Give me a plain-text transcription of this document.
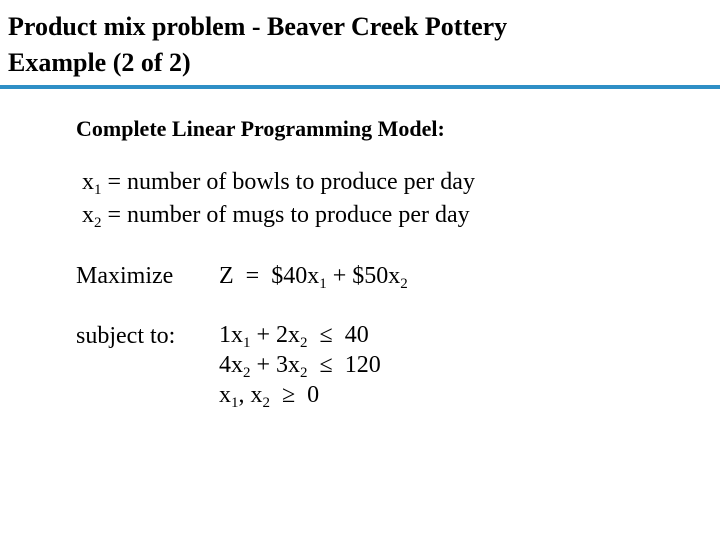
Product mix problem - Beaver Creek Pottery
Example (2 of 2)
Complete Linear Programming Model:
$x_1$ = number of bowls to produce per day
$x_2$ = number of mugs to produce per day
Maximize $Z = \$40x_1$ + $\$50x_2$
subject to: $1x_1 + 2x_2 \le 40$
$4x_2 + 3x_2 \le 120$
$x_1$, $x_2 \ge 0$
